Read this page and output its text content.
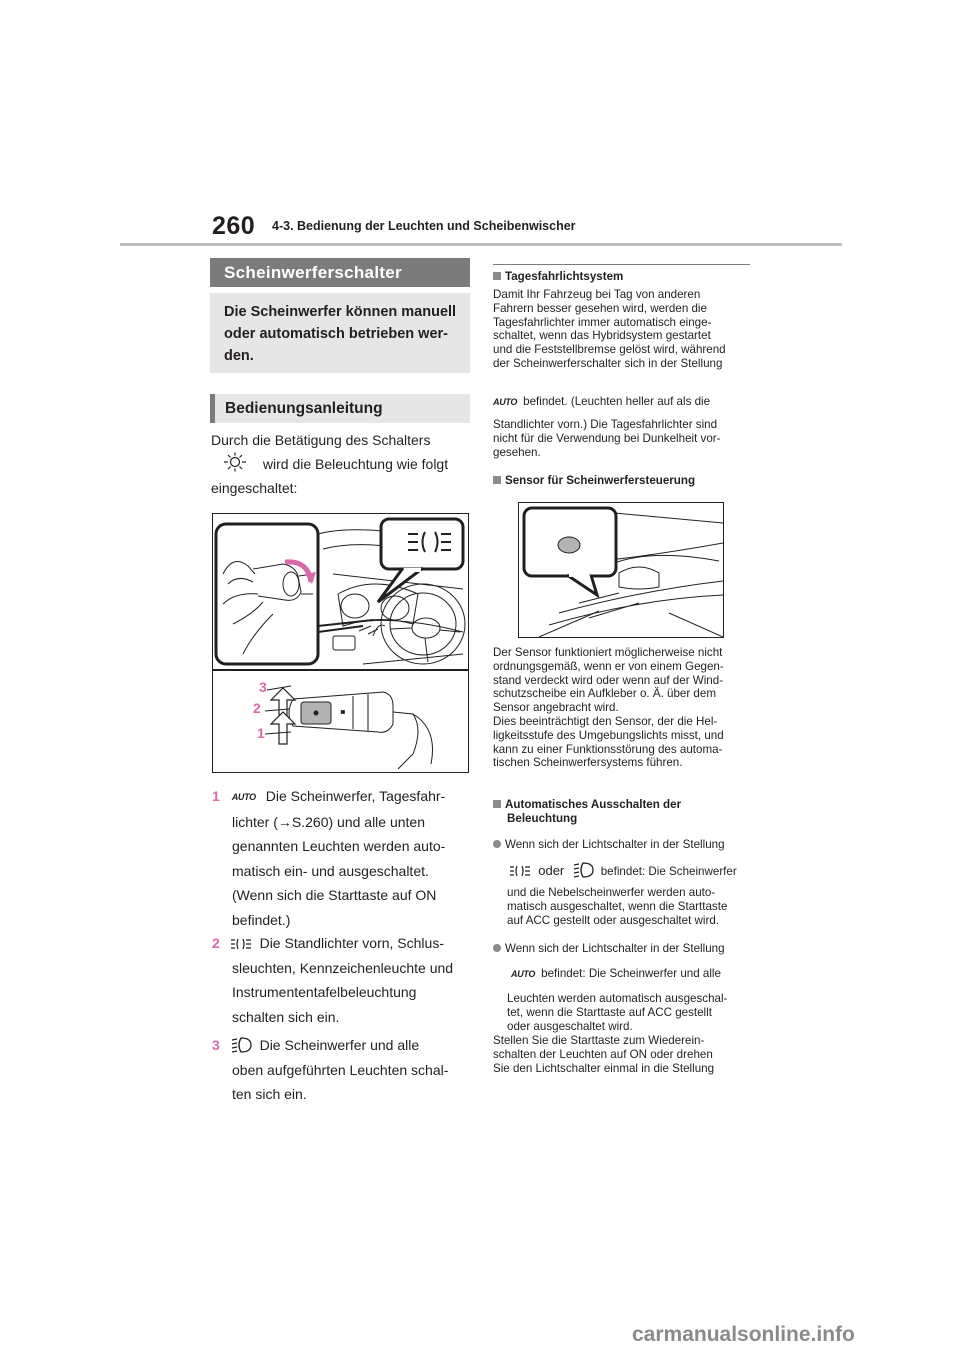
260 4-3. Bedienung der Leuchten und Scheibenwischer
Scheinwerferschalter
Die Scheinwerfer können manuell
oder automatisch betrieben wer-
den.
Bedienungsanleitung
Durch die Betätigung des Schalters
wird die Beleuchtung wie folgt
eingeschaltet:
≡
3
2
1
1 AUTO Die Scheinwerfer, Tagesfahr-
lichter (→S.260) und alle unten
genannten Leuchten werden auto-
matisch ein- und ausgeschaltet.
(Wenn sich die Starttaste auf ON
befindet.)
2	Die Standlichter vorn, Schlus-
sleuchten, Kennzeichenleuchte und
Instrumententafelbeleuchtung
schalten sich ein.
3	Die Scheinwerfer und alle
oben aufgeführten Leuchten schal-
ten sich ein.
Tagesfahrlichtsystem
Damit Ihr Fahrzeug bei Tag von anderen
Fahrern besser gesehen wird, werden die
Tagesfahrlichter immer automatisch einge-
schaltet, wenn das Hybridsystem gestartet
und die Feststellbremse gelöst wird, während
der Scheinwerferschalter sich in der Stellung
AUTO befindet. (Leuchten heller auf als die
Standlichter vorn.) Die Tagesfahrlichter sind
nicht für die Verwendung bei Dunkelheit vor-
gesehen.
Sensor für Scheinwerfersteuerung
Der Sensor funktioniert möglicherweise nicht
ordnungsgemäß, wenn er von einem Gegen-
stand verdeckt wird oder wenn auf der Wind-
schutzscheibe ein Aufkleber o. Ä. über dem
Sensor angebracht wird.
Dies beeinträchtigt den Sensor, der die Hel-
ligkeitsstufe des Umgebungslichts misst, und
kann zu einer Funktionsstörung des automa-
tischen Scheinwerfersystems führen.
Automatisches Ausschalten der
Beleuchtung
Wenn sich der Lichtschalter in der Stellung
oder	befindet: Die Scheinwerfer
und die Nebelscheinwerfer werden auto-
matisch ausgeschaltet, wenn die Starttaste
auf ACC gestellt oder ausgeschaltet wird.
Wenn sich der Lichtschalter in der Stellung
AUTO befindet: Die Scheinwerfer und alle
Leuchten werden automatisch ausgeschal-
tet, wenn die Starttaste auf ACC gestellt
oder ausgeschaltet wird.
Stellen Sie die Starttaste zum Wiederein-
schalten der Leuchten auf ON oder drehen
Sie den Lichtschalter einmal in die Stellung
carmanualsonline.info
